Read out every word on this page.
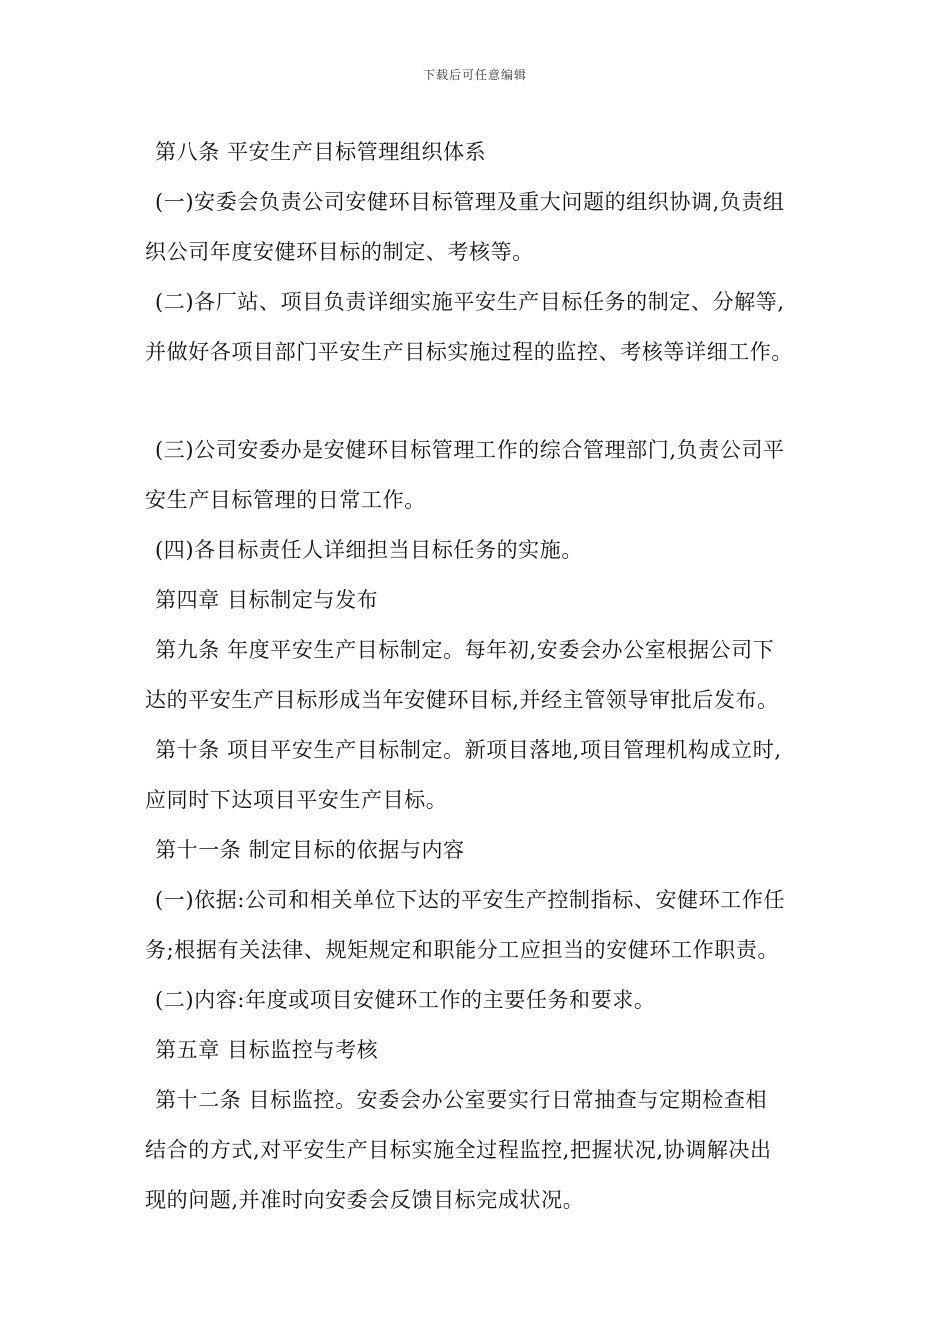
下载后可任意编辑
第八条 平安生产目标管理组织体系
(一)安委会负责公司安健环目标管理及重大问题的组织协调,负责组
织公司年度安健环目标的制定、考核等。
(二)各厂站、项目负责详细实施平安生产目标任务的制定、分解等,
并做好各项目部门平安生产目标实施过程的监控、考核等详细工作。
(三)公司安委办是安健环目标管理工作的综合管理部门,负责公司平
安生产目标管理的日常工作。
(四)各目标责任人详细担当目标任务的实施。
第四章 目标制定与发布
第九条 年度平安生产目标制定。每年初,安委会办公室根据公司下
达的平安生产目标形成当年安健环目标,并经主管领导审批后发布。
第十条 项目平安生产目标制定。新项目落地,项目管理机构成立时,
应同时下达项目平安生产目标。
第十一条 制定目标的依据与内容
(一)依据:公司和相关单位下达的平安生产控制指标、安健环工作任
务;根据有关法律、规矩规定和职能分工应担当的安健环工作职责。
(二)内容:年度或项目安健环工作的主要任务和要求。
第五章 目标监控与考核
第十二条 目标监控。安委会办公室要实行日常抽查与定期检查相
结合的方式,对平安生产目标实施全过程监控,把握状况,协调解决出
现的问题,并准时向安委会反馈目标完成状况。
